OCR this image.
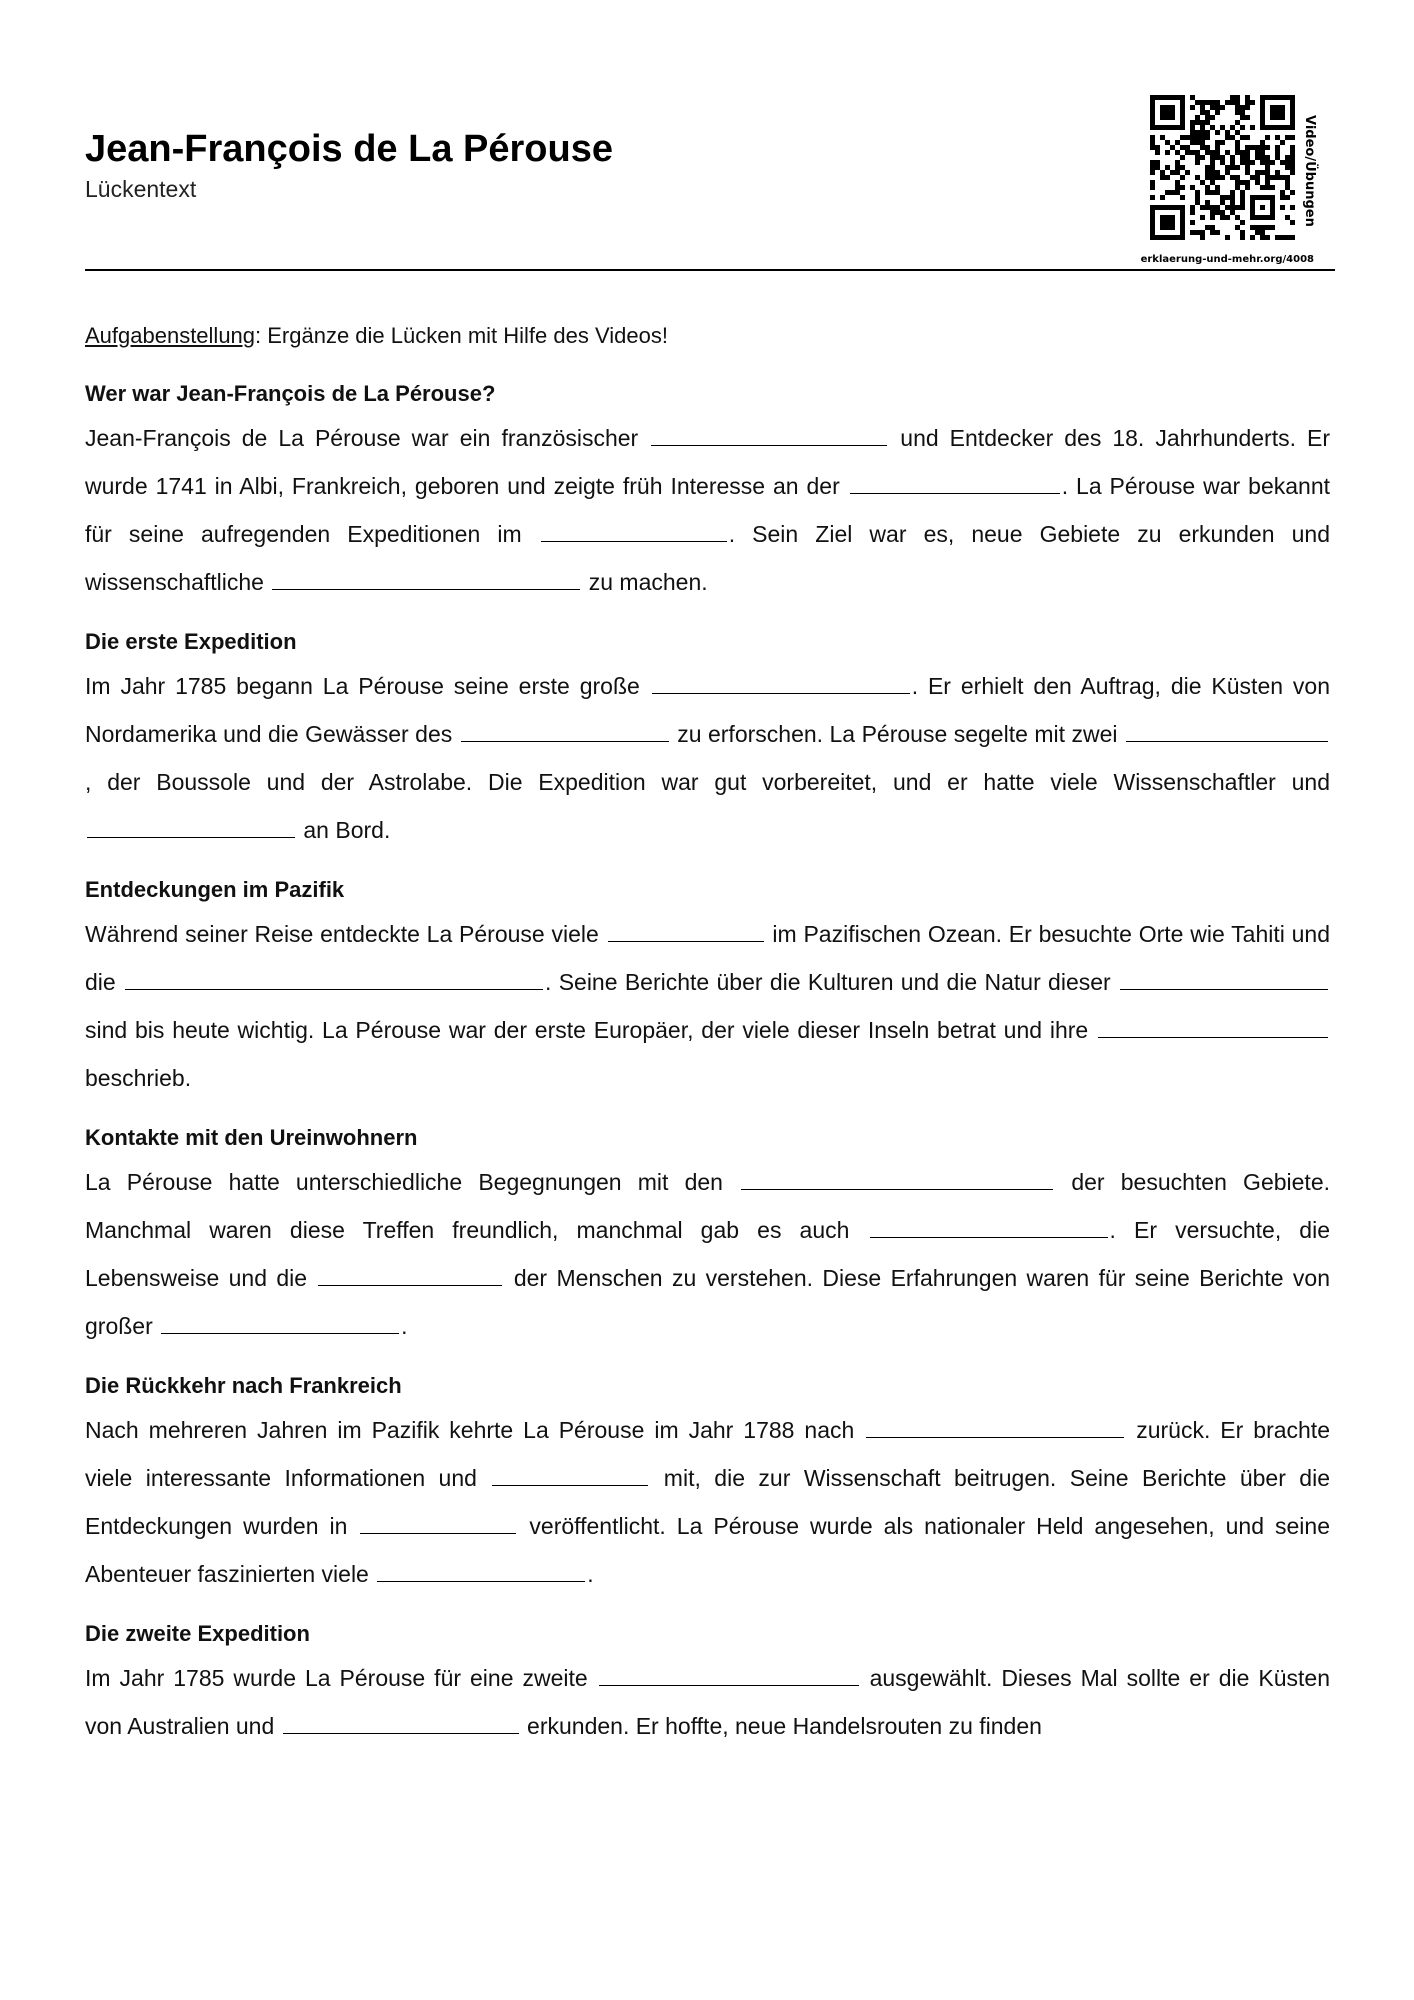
Jean-François de La Pérouse
Lückentext	Video/Übungen
erklaerung-und-mehr.org/4008

Aufgabenstellung: Ergänze die Lücken mit Hilfe des Videos!

Wer war Jean-François de La Pérouse?

Jean-François de La Pérouse war ein französischer	und Entdecker des 18. Jahrhunderts. Er wurde 1741 in Albi, Frankreich, geboren und zeigte früh Interesse an der	. La Pérouse war bekannt für seine aufregenden Expeditionen im	. Sein Ziel war es, neue Gebiete zu erkunden und wissenschaftliche	zu machen.

Die erste Expedition

Im Jahr 1785 begann La Pérouse seine erste große	. Er erhielt den Auftrag, die Küsten von Nordamerika und die Gewässer des	zu erforschen. La Pérouse segelte mit zwei , der Boussole und der Astrolabe. Die Expedition war gut vorbereitet, und er hatte viele Wissenschaftler und  an Bord.

Entdeckungen im Pazifik

Während seiner Reise entdeckte La Pérouse viele	im Pazifischen Ozean. Er besuchte Orte wie Tahiti und die	. Seine Berichte über die Kulturen und die Natur dieser  sind bis heute wichtig. La Pérouse war der erste Europäer, der viele dieser Inseln betrat und ihre  beschrieb.

Kontakte mit den Ureinwohnern

La Pérouse hatte unterschiedliche Begegnungen mit den	der besuchten Gebiete. Manchmal waren diese Treffen freundlich, manchmal gab es auch	. Er versuchte, die Lebensweise und die	der Menschen zu verstehen. Diese Erfahrungen waren für seine Berichte von großer	.

Die Rückkehr nach Frankreich

Nach mehreren Jahren im Pazifik kehrte La Pérouse im Jahr 1788 nach	zurück. Er brachte viele interessante Informationen und	mit, die zur Wissenschaft beitrugen. Seine Berichte über die Entdeckungen wurden in	veröffentlicht. La Pérouse wurde als nationaler Held angesehen, und seine Abenteuer faszinierten viele	.

Die zweite Expedition

Im Jahr 1785 wurde La Pérouse für eine zweite	ausgewählt. Dieses Mal sollte er die Küsten von Australien und	erkunden. Er hoffte, neue Handelsrouten zu finden
